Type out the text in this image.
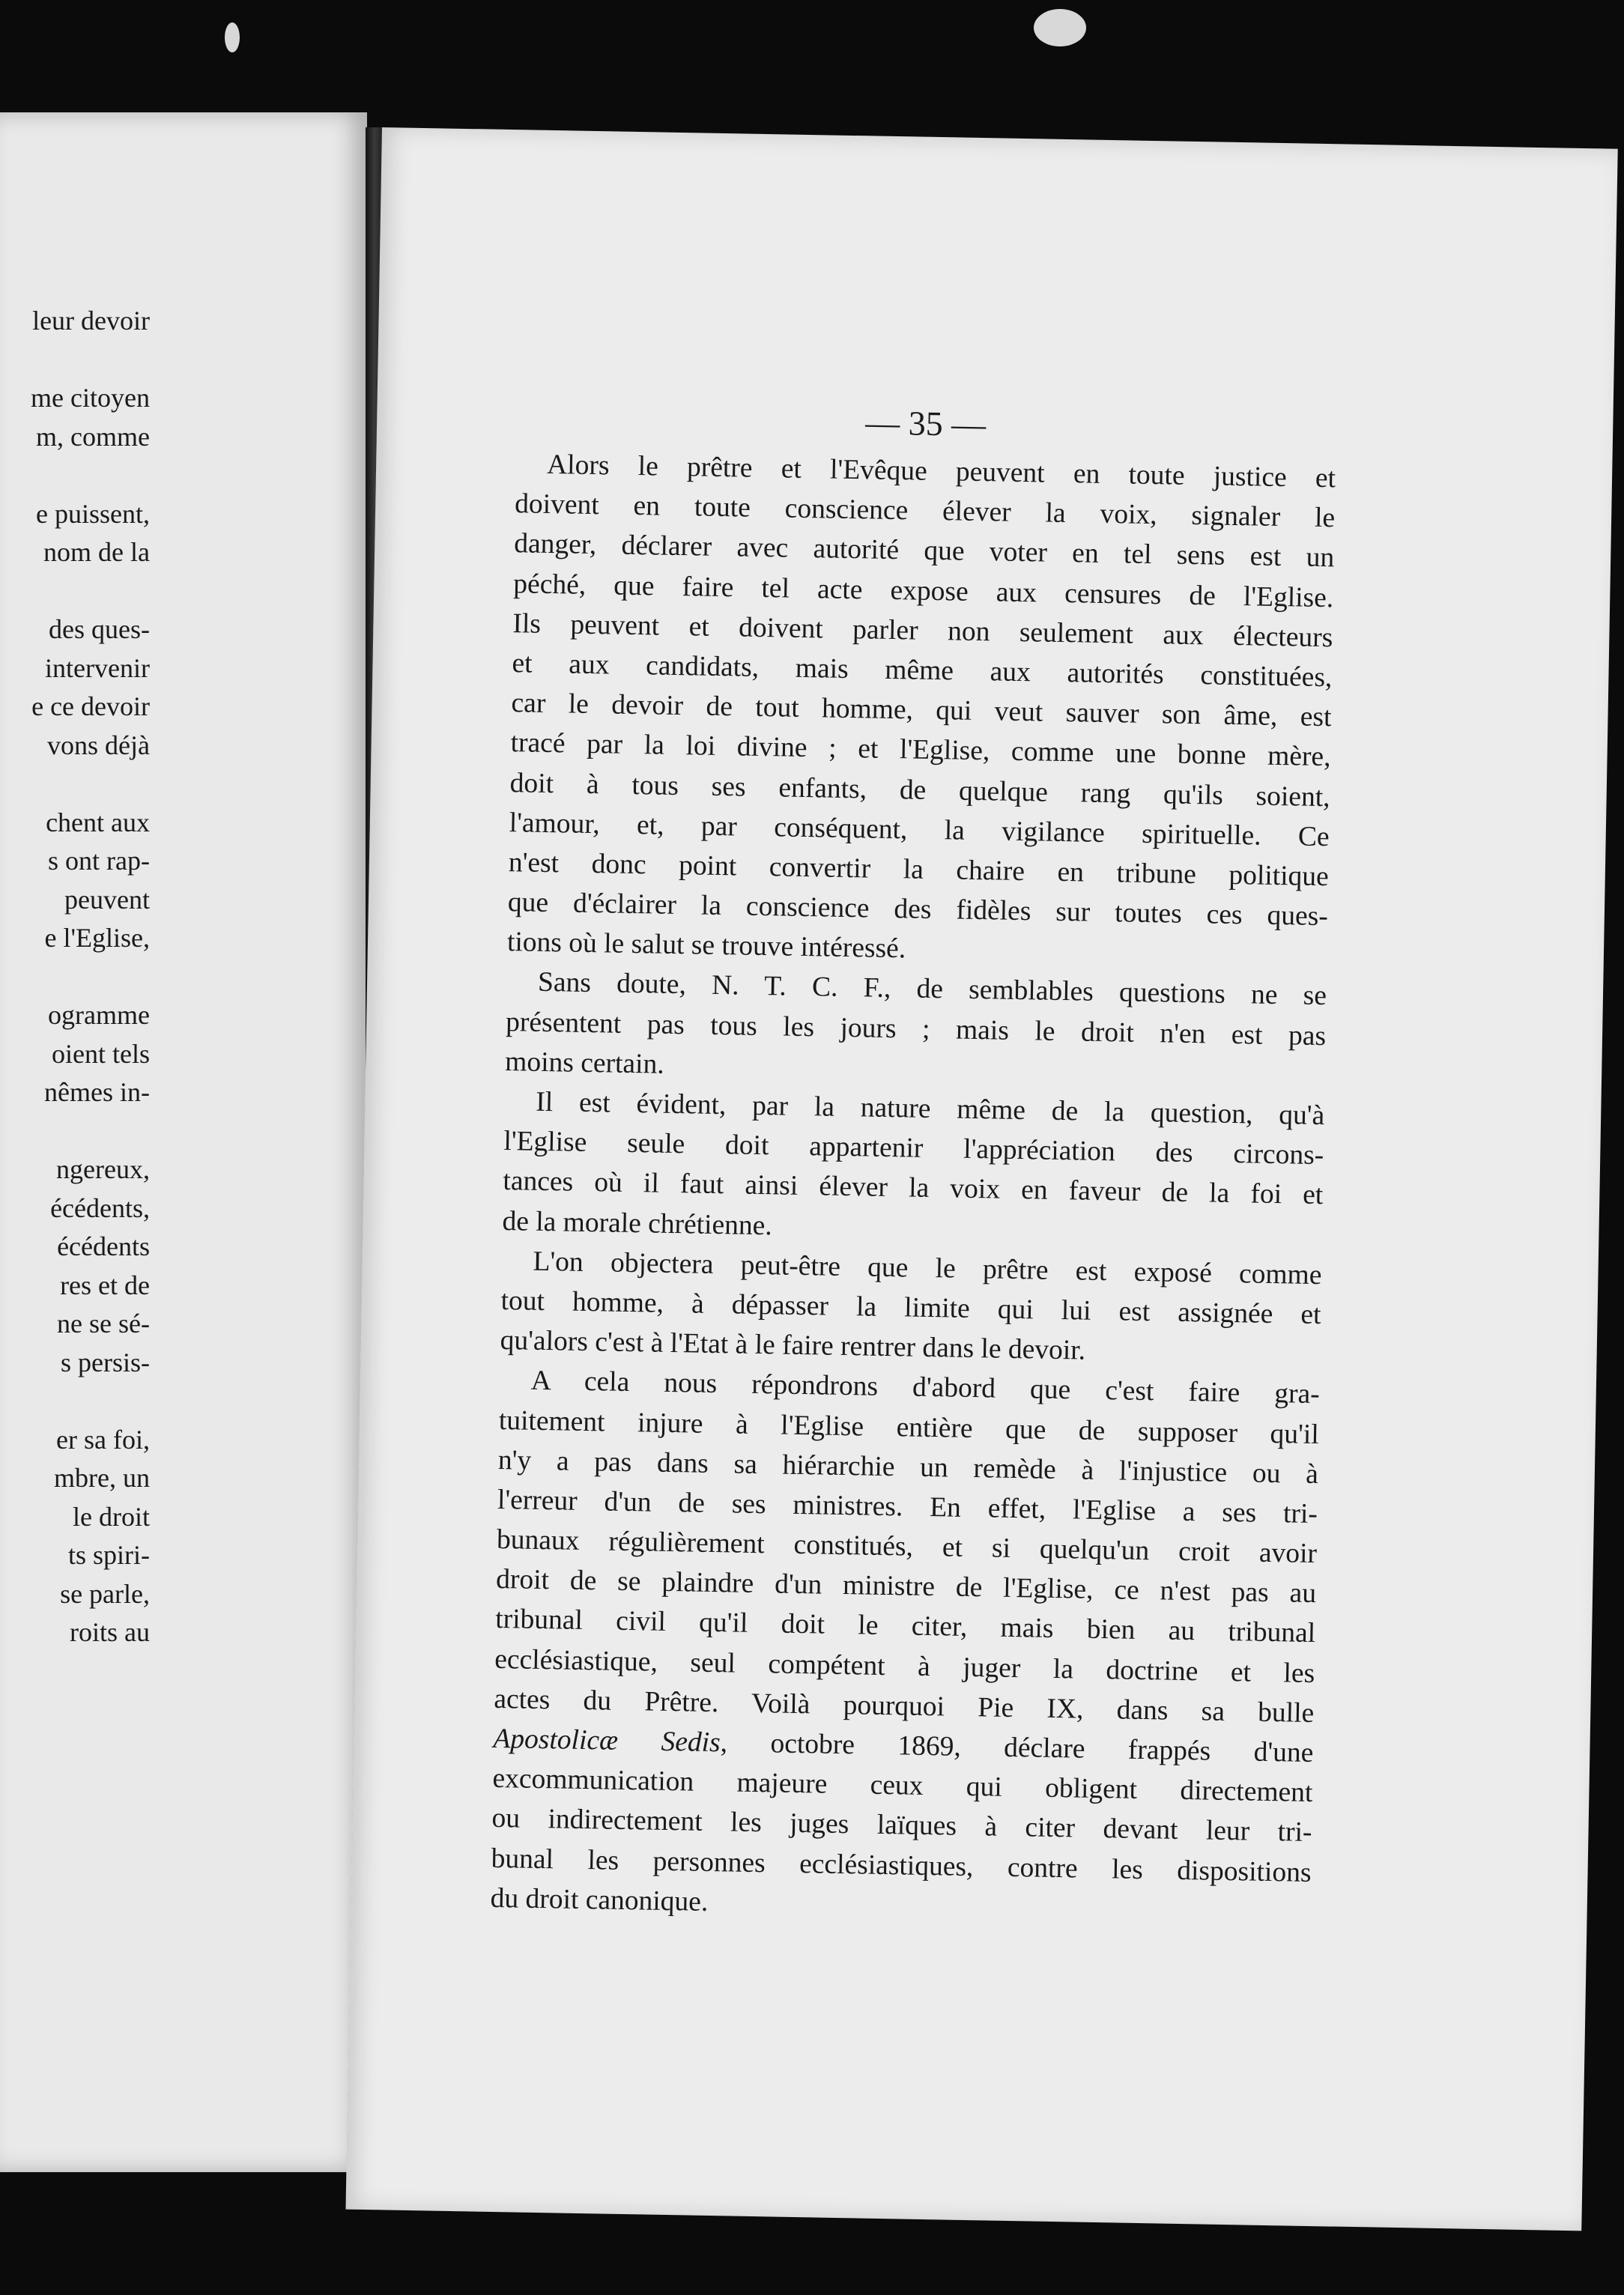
leur devoir
me citoyen
m, comme
e puissent,
nom de la
des ques-
intervenir
e ce devoir
vons déjà
chent aux
s ont rap-
peuvent
e l'Eglise,
ogramme
oient tels
nêmes in-
ngereux,
écédents,
écédents
res et de
ne se sé-
s persis-
er sa foi,
mbre, un
le droit
ts spiri-
se parle,
roits au
— 35 —
Alors le prêtre et l'Evêque peuvent en toute justice et
doivent en toute conscience élever la voix, signaler le
danger, déclarer avec autorité que voter en tel sens est un
péché, que faire tel acte expose aux censures de l'Eglise.
Ils peuvent et doivent parler non seulement aux électeurs
et aux candidats, mais même aux autorités constituées,
car le devoir de tout homme, qui veut sauver son âme, est
tracé par la loi divine ; et l'Eglise, comme une bonne mère,
doit à tous ses enfants, de quelque rang qu'ils soient,
l'amour, et, par conséquent, la vigilance spirituelle. Ce
n'est donc point convertir la chaire en tribune politique
que d'éclairer la conscience des fidèles sur toutes ces ques-
tions où le salut se trouve intéressé.
Sans doute, N. T. C. F., de semblables questions ne se
présentent pas tous les jours ; mais le droit n'en est pas
moins certain.
Il est évident, par la nature même de la question, qu'à
l'Eglise seule doit appartenir l'appréciation des circons-
tances où il faut ainsi élever la voix en faveur de la foi et
de la morale chrétienne.
L'on objectera peut-être que le prêtre est exposé comme
tout homme, à dépasser la limite qui lui est assignée et
qu'alors c'est à l'Etat à le faire rentrer dans le devoir.
A cela nous répondrons d'abord que c'est faire gra-
tuitement injure à l'Eglise entière que de supposer qu'il
n'y a pas dans sa hiérarchie un remède à l'injustice ou à
l'erreur d'un de ses ministres. En effet, l'Eglise a ses tri-
bunaux régulièrement constitués, et si quelqu'un croit avoir
droit de se plaindre d'un ministre de l'Eglise, ce n'est pas au
tribunal civil qu'il doit le citer, mais bien au tribunal
ecclésiastique, seul compétent à juger la doctrine et les
actes du Prêtre. Voilà pourquoi Pie IX, dans sa bulle
Apostolicæ Sedis, octobre 1869, déclare frappés d'une
excommunication majeure ceux qui obligent directement
ou indirectement les juges laïques à citer devant leur tri-
bunal les personnes ecclésiastiques, contre les dispositions
du droit canonique.
